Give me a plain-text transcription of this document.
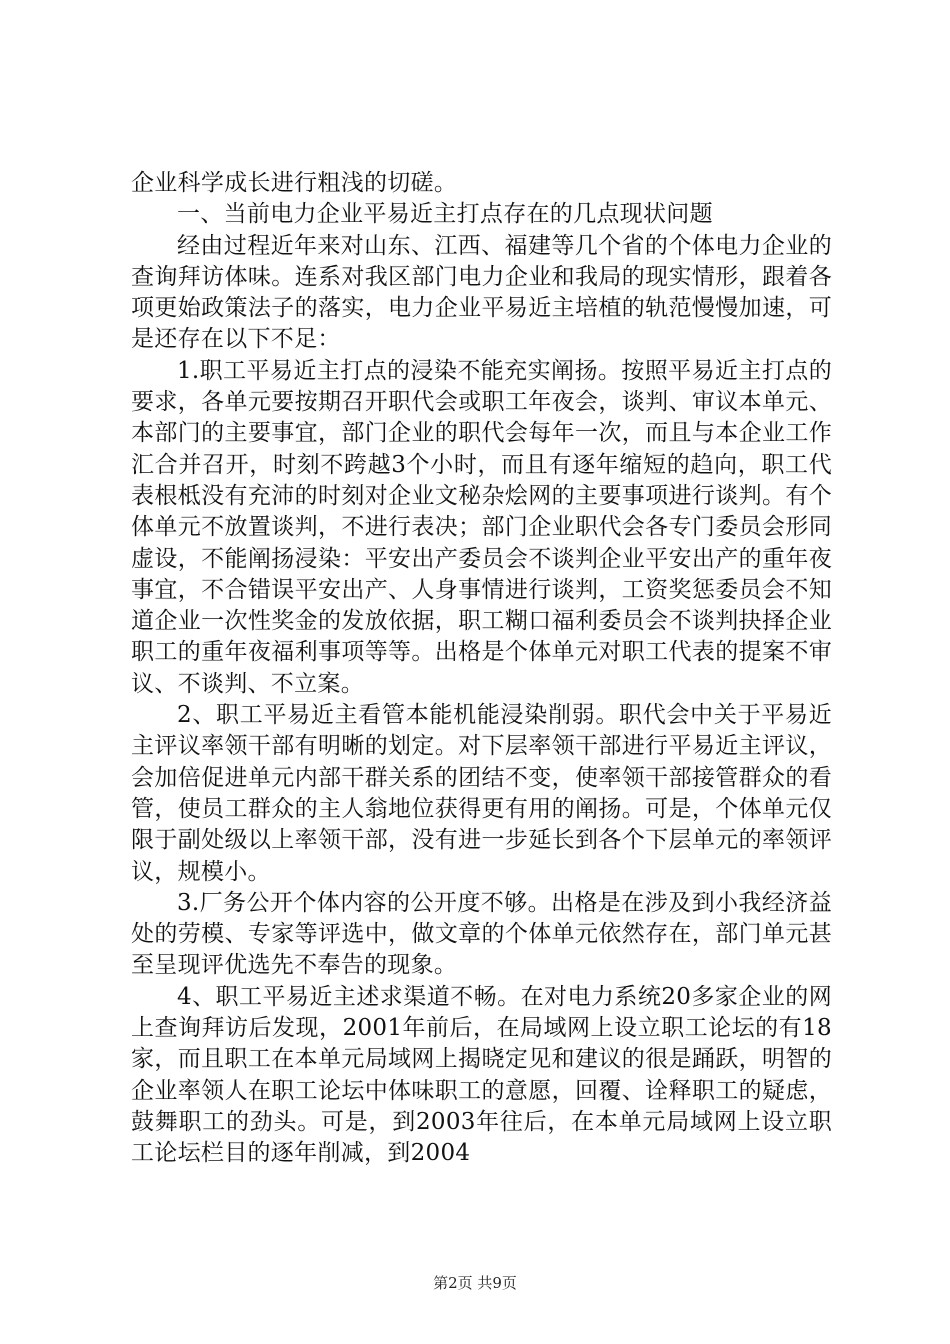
企业科学成长进行粗浅的切磋。

一、当前电力企业平易近主打点存在的几点现状问题

经由过程近年来对山东、江西、福建等几个省的个体电力企业的查询拜访体味。连系对我区部门电力企业和我局的现实情形，跟着各项更始政策法子的落实，电力企业平易近主培植的轨范慢慢加速，可是还存在以下不足：

1.职工平易近主打点的浸染不能充实阐扬。按照平易近主打点的要求，各单元要按期召开职代会或职工年夜会，谈判、审议本单元、本部门的主要事宜，部门企业的职代会每年一次，而且与本企业工作汇合并召开，时刻不跨越3个小时，而且有逐年缩短的趋向，职工代表根柢没有充沛的时刻对企业文秘杂烩网的主要事项进行谈判。有个体单元不放置谈判，不进行表决；部门企业职代会各专门委员会形同虚设，不能阐扬浸染：平安出产委员会不谈判企业平安出产的重年夜事宜，不合错误平安出产、人身事情进行谈判，工资奖惩委员会不知道企业一次性奖金的发放依据，职工糊口福利委员会不谈判抉择企业职工的重年夜福利事项等等。出格是个体单元对职工代表的提案不审议、不谈判、不立案。

2、职工平易近主看管本能机能浸染削弱。职代会中关于平易近主评议率领干部有明晰的划定。对下层率领干部进行平易近主评议，会加倍促进单元内部干群关系的团结不变，使率领干部接管群众的看管，使员工群众的主人翁地位获得更有用的阐扬。可是，个体单元仅限于副处级以上率领干部，没有进一步延长到各个下层单元的率领评议，规模小。

3.厂务公开个体内容的公开度不够。出格是在涉及到小我经济益处的劳模、专家等评选中，做文章的个体单元依然存在，部门单元甚至呈现评优选先不奉告的现象。

4、职工平易近主述求渠道不畅。在对电力系统20多家企业的网上查询拜访后发现，2001年前后，在局域网上设立职工论坛的有18家，而且职工在本单元局域网上揭晓定见和建议的很是踊跃，明智的企业率领人在职工论坛中体味职工的意愿，回覆、诠释职工的疑虑，鼓舞职工的劲头。可是，到2003年往后，在本单元局域网上设立职工论坛栏目的逐年削减，到2004

第2页 共9页
